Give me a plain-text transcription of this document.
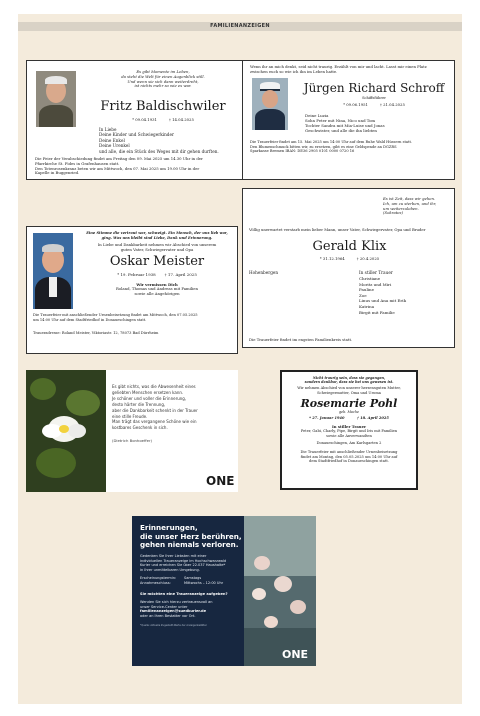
FAMILIENANZEIGEN
Es gibt Momente im Leben,
da steht die Welt für einen Augenblick still.
Und wenn sie sich dann weiterdreht,
ist nichts mehr so wie es war.
Fritz Baldischwiler
* 09.04.1931          † 14.04.2025
In Liebe
Deine Kinder und Schwiegerkinder
Deine Enkel
Deine Urenkel
und alle, die ein Stück des Weges mit dir gehen durften.
Die Feier der Verabschiedung findet am Freitag den 09. Mai 2025 um 14.30 Uhr in der
Pfarrkirche St. Fides in Grafenhausen statt.
Den Totenrosenkranz beten wir am Mittwoch, den 07. Mai 2025 um 19.00 Uhr in der
Kapelle in Buggenried.
Wenn ihr an mich denkt, seid nicht traurig. Erzählt von mir und lacht. Lasst mir einen Platz
zwischen euch so wie ich ihn im Leben hatte.
Jürgen Richard Schroff
Schiffsführer
* 09.06.1951          † 21.04.2025
Deine Luzia
Sohn Peter mit Nina, Nico und Tom
Tochter Sandra mit Mia-Luise und Jonas
Geschwister, und alle die ihn liebten
Die Trauerfeier findet am 15. Mai 2025 um 14:00 Uhr auf dem Ruhe Wald Hüssern statt.
Den Blumenschmuck bitten wir, zu ersetzen, gibt es eine Geldspende an DGZRS
Sparkasse Bremen IBAN: DE36 2905 0101 0000 0720 16
Es ist Zeit, dass wir gehen.
Ich, um zu sterben, und ihr,
um weiterzuleben.
(Sokrates)
Völlig unerwartet verstarb mein lieber Mann, unser Vater, Schwiegervater, Opa und Bruder
Gerald Klix
* 31.12.1964          † 20.4.2025
Hohenbergen	In stiller Trauer
Christiane
Moritz und Miri
Pauline
Zoe
Linus und Ana mit Erik
Katrina
Birgit mit Familie
Die Trauerfeier findet im engsten Familienkreis statt.
Eine Stimme die vertraut war, schweigt. Ein Mensch, der uns lieb war,
ging. Was uns bleibt sind Liebe, Dank und Erinnerung.
In Liebe und Dankbarkeit nehmen wir Abschied von unserem
guten Vater, Schwiegervater und Opa
Oskar Meister
* 19. Februar 1938       † 17. April 2025
Wir vermissen Dich
Roland, Thomas und Andreas mit Familien
sowie alle Angehörigen
Die Trauerfeier mit anschließender Urnenbeisetzung findet am Mittwoch, den 07.05.2025
um 14:00 Uhr auf dem Stadtfriedhof in Donaueschingen statt.
Traueradresse: Roland Meister, Viktoriastr. 12, 78073 Bad Dürrheim
Es gibt nichts, was die Abwesenheit eines
geliebten Menschen ersetzen kann.
Je schöner und voller die Erinnerung,
desto härter die Trennung,
aber die Dankbarkeit schenkt in der Trauer
eine stille Freude.
Man trägt das vergangene Schöne wie ein
kostbares Geschenk in sich.
(Dietrich Bonhoeffer)
ONE
Nicht traurig sein, dass sie gegangen,
sondern dankbar, dass sie bei uns gewesen ist.
Wir nehmen Abschied von unserer herzensguten Mutter,
Schwiegermutter, Oma und Uroma
Rosemarie Pohl
geb. Mache
* 27. Januar 1940          † 18. April 2025
In stiller Trauer
Peter, Gabi, Charly, Pipe, Birgit und Iris mit Familien
sowie alle Anverwandten
Donaueschingen, Am Karlsgarten 2
Die Trauerfeier mit anschließender Urnenbeisetzung
findet am Montag, den 05.05.2025 um 14:00 Uhr auf
dem Stadtfriedhof in Donaueschingen statt.
Erinnerungen,
die unser Herz berühren,
gehen niemals verloren.
Gedenken Sie Ihrer Liebsten mit einer
individuellen Traueranzeige im Hochschwarzwald
Kurier und erreichen Sie über 22.037 Haushalte*
in Ihrer unmittelbaren Umgebung.
Erscheinungstermin:
Annahmeschluss:
Samstags
Mittwochs – 12:00 Uhr
Sie möchten eine Traueranzeige aufgeben?
Wenden Sie sich hierzu vertrauensvoll an
unser Service-Center unter
familienanzeigen@suedkurier.de
oder an Ihren Bestatter vor Ort.
*Quelle: Aktuelle Zugestellt-Werte der Anzeigenbelätter
ONE
